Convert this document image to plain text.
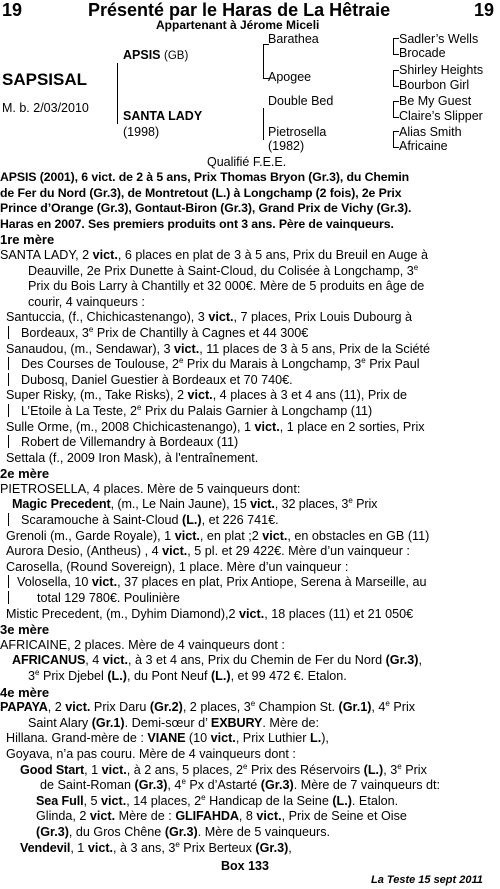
19	Présenté par le Haras de La Hêtraie	19
Appartenant à Jérome Miceli
SAPSISAL
M. b. 2/03/2010
APSIS (GB)
SANTA LADY
(1998)
Barathea
Apogee
Double Bed
Pietrosella
(1982)
Sadler’s Wells
Brocade
Shirley Heights
Bourbon Girl
Be My Guest
Claire’s Slipper
Alias Smith
Africaine
Qualifié F.E.E.

APSIS (2001), 6 vict. de 2 à 5 ans, Prix Thomas Bryon (Gr.3), du Chemin

de Fer du Nord (Gr.3), de Montretout (L.) à Longchamp (2 fois), 2e Prix

Prince d’Orange (Gr.3), Gontaut-Biron (Gr.3), Grand Prix de Vichy (Gr.3).

Haras en 2007. Ses premiers produits ont 3 ans. Père de vainqueurs.

1re mère

SANTA LADY, 2 vict., 6 places en plat de 3 à 5 ans, Prix du Breuil en Auge à

Deauville, 2e Prix Dunette à Saint-Cloud, du Colisée à Longchamp, 3e

Prix du Bois Larry à Chantilly et 32 000€. Mère de 5 produits en âge de

courir, 4 vainqueurs :

Santuccia, (f., Chichicastenango), 3 vict., 7 places, Prix Louis Dubourg à

Bordeaux, 3e Prix de Chantilly à Cagnes et 44 300€

Sanaudou, (m., Sendawar), 3 vict., 11 places de 3 à 5 ans, Prix de la Sciété

Des Courses de Toulouse, 2e Prix du Marais à Longchamp, 3e Prix Paul

Dubosq, Daniel Guestier à Bordeaux et 70 740€.

Super Risky, (m., Take Risks), 2 vict., 4 places à 3 et 4 ans (11), Prix de

L’Etoile à La Teste, 2e Prix du Palais Garnier à Longchamp (11)

Sulle Orme, (m., 2008 Chichicastenango), 1 vict., 1 place en 2 sorties, Prix

Robert de Villemandry à Bordeaux (11)

Settala (f., 2009 Iron Mask), à l'entraînement.

2e mère

PIETROSELLA, 4 places. Mère de 5 vainqueurs dont:

Magic Precedent, (m., Le Nain Jaune), 15 vict., 32 places, 3e Prix

Scaramouche à Saint-Cloud (L.), et 226 741€.

Grenoli (m., Garde Royale), 1 vict., en plat ;2 vict., en obstacles en GB (11)

Aurora Desio, (Antheus) , 4 vict., 5 pl. et 29 422€. Mère d’un vainqueur :

Carosella, (Round Sovereign), 1 place. Mère d’un vainqueur :

Volosella, 10 vict., 37 places en plat, Prix Antiope, Serena à Marseille, au

total 129 780€. Poulinière

Mistic Precedent, (m., Dyhim Diamond),2 vict., 18 places (11) et 21 050€

3e mère

AFRICAINE, 2 places. Mère de 4 vainqueurs dont :

AFRICANUS, 4 vict., à 3 et 4 ans, Prix du Chemin de Fer du Nord (Gr.3),

3e Prix Djebel (L.), du Pont Neuf (L.), et 99 472 €. Etalon.

4e mère

PAPAYA, 2 vict. Prix Daru (Gr.2), 2 places, 3e Champion St. (Gr.1), 4e Prix

Saint Alary (Gr.1). Demi-sœur d’ EXBURY. Mère de:

Hillana. Grand-mère de : VIANE (10 vict., Prix Luthier L.),

Goyava, n’a pas couru. Mère de 4 vainqueurs dont :

Good Start, 1 vict., à 2 ans, 5 places, 2e Prix des Réservoirs (L.), 3e Prix

de Saint-Roman (Gr.3), 4e Px d’Astarté (Gr.3). Mère de 7 vainqueurs dt:

Sea Full, 5 vict., 14 places, 2e Handicap de la Seine (L.). Etalon.

Glinda, 2 vict. Mère de : GLIFAHDA, 8 vict., Prix de Seine et Oise

(Gr.3), du Gros Chêne (Gr.3). Mère de 5 vainqueurs.

Vendevil, 1 vict., à 3 ans, 3e Prix Berteux (Gr.3),

Box 133
La Teste 15 sept 2011
